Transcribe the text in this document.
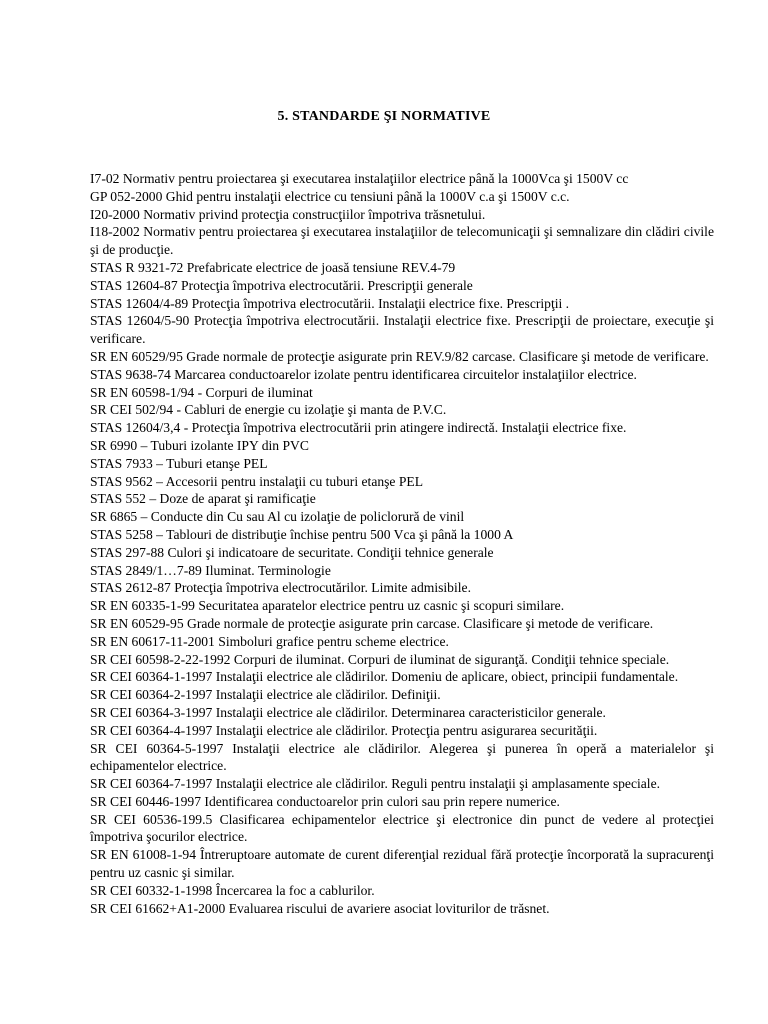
5. STANDARDE ŞI NORMATIVE

I7-02 Normativ pentru proiectarea şi executarea instalaţiilor electrice până la 1000Vca şi 1500V cc

GP 052-2000 Ghid pentru instalaţii electrice cu tensiuni până la 1000V c.a şi 1500V c.c.

I20-2000 Normativ privind protecţia construcţiilor împotriva trăsnetului.

I18-2002 Normativ pentru proiectarea şi executarea instalaţiilor de telecomunicaţii şi semnalizare din clădiri civile şi de producţie.

STAS R 9321-72 Prefabricate electrice de joasă tensiune REV.4-79

STAS 12604-87 Protecţia împotriva electrocutării. Prescripţii generale

STAS 12604/4-89 Protecţia împotriva electrocutării. Instalaţii electrice fixe. Prescripţii .

STAS 12604/5-90 Protecţia împotriva electrocutării. Instalaţii electrice fixe. Prescripţii de proiectare, execuţie şi verificare.

SR EN 60529/95 Grade normale de protecţie asigurate prin REV.9/82 carcase. Clasificare şi metode de verificare.

STAS 9638-74 Marcarea conductoarelor izolate pentru identificarea circuitelor instalaţiilor electrice.

SR EN 60598-1/94 - Corpuri de iluminat

SR CEI 502/94 - Cabluri de energie cu izolaţie şi manta de P.V.C.

STAS 12604/3,4 - Protecţia împotriva electrocutării prin atingere indirectă. Instalaţii electrice fixe.

SR 6990 – Tuburi izolante IPY din PVC

STAS 7933 – Tuburi etanşe PEL

STAS 9562 – Accesorii pentru instalaţii cu tuburi etanşe PEL

STAS 552 – Doze de aparat şi ramificaţie

SR 6865 – Conducte din Cu sau Al cu izolaţie de policlorură de vinil

STAS 5258 – Tablouri de distribuţie închise pentru 500 Vca şi până la 1000 A

STAS 297-88 Culori şi indicatoare de securitate. Condiţii tehnice generale

STAS 2849/1…7-89 Iluminat. Terminologie

STAS 2612-87 Protecţia împotriva electrocutărilor. Limite admisibile.

SR EN 60335-1-99 Securitatea aparatelor electrice pentru uz casnic şi scopuri similare.

SR EN 60529-95 Grade normale de protecţie asigurate prin carcase. Clasificare şi metode de verificare.

SR EN 60617-11-2001 Simboluri grafice pentru scheme electrice.

SR CEI 60598-2-22-1992 Corpuri de iluminat. Corpuri de iluminat de siguranţă. Condiţii tehnice speciale.

SR CEI 60364-1-1997 Instalaţii electrice ale clădirilor. Domeniu de aplicare, obiect, principii fundamentale.

SR CEI 60364-2-1997 Instalaţii electrice ale clădirilor. Definiţii.

SR CEI 60364-3-1997 Instalaţii electrice ale clădirilor. Determinarea caracteristicilor generale.

SR CEI 60364-4-1997 Instalaţii electrice ale clădirilor. Protecţia pentru asigurarea securităţii.

SR CEI 60364-5-1997 Instalaţii electrice ale clădirilor. Alegerea şi punerea în operă a materialelor şi echipamentelor electrice.

SR CEI 60364-7-1997 Instalaţii electrice ale clădirilor. Reguli pentru instalaţii şi amplasamente speciale.

SR CEI 60446-1997 Identificarea conductoarelor prin culori sau prin repere numerice.

SR CEI 60536-199.5 Clasificarea echipamentelor electrice şi electronice din punct de vedere al protecţiei împotriva şocurilor electrice.

SR EN 61008-1-94 Întreruptoare automate de curent diferenţial rezidual fără protecţie încorporată la supracurenţi pentru uz casnic şi similar.

SR CEI 60332-1-1998 Încercarea la foc a cablurilor.

SR CEI 61662+A1-2000 Evaluarea riscului de avariere asociat loviturilor de trăsnet.
